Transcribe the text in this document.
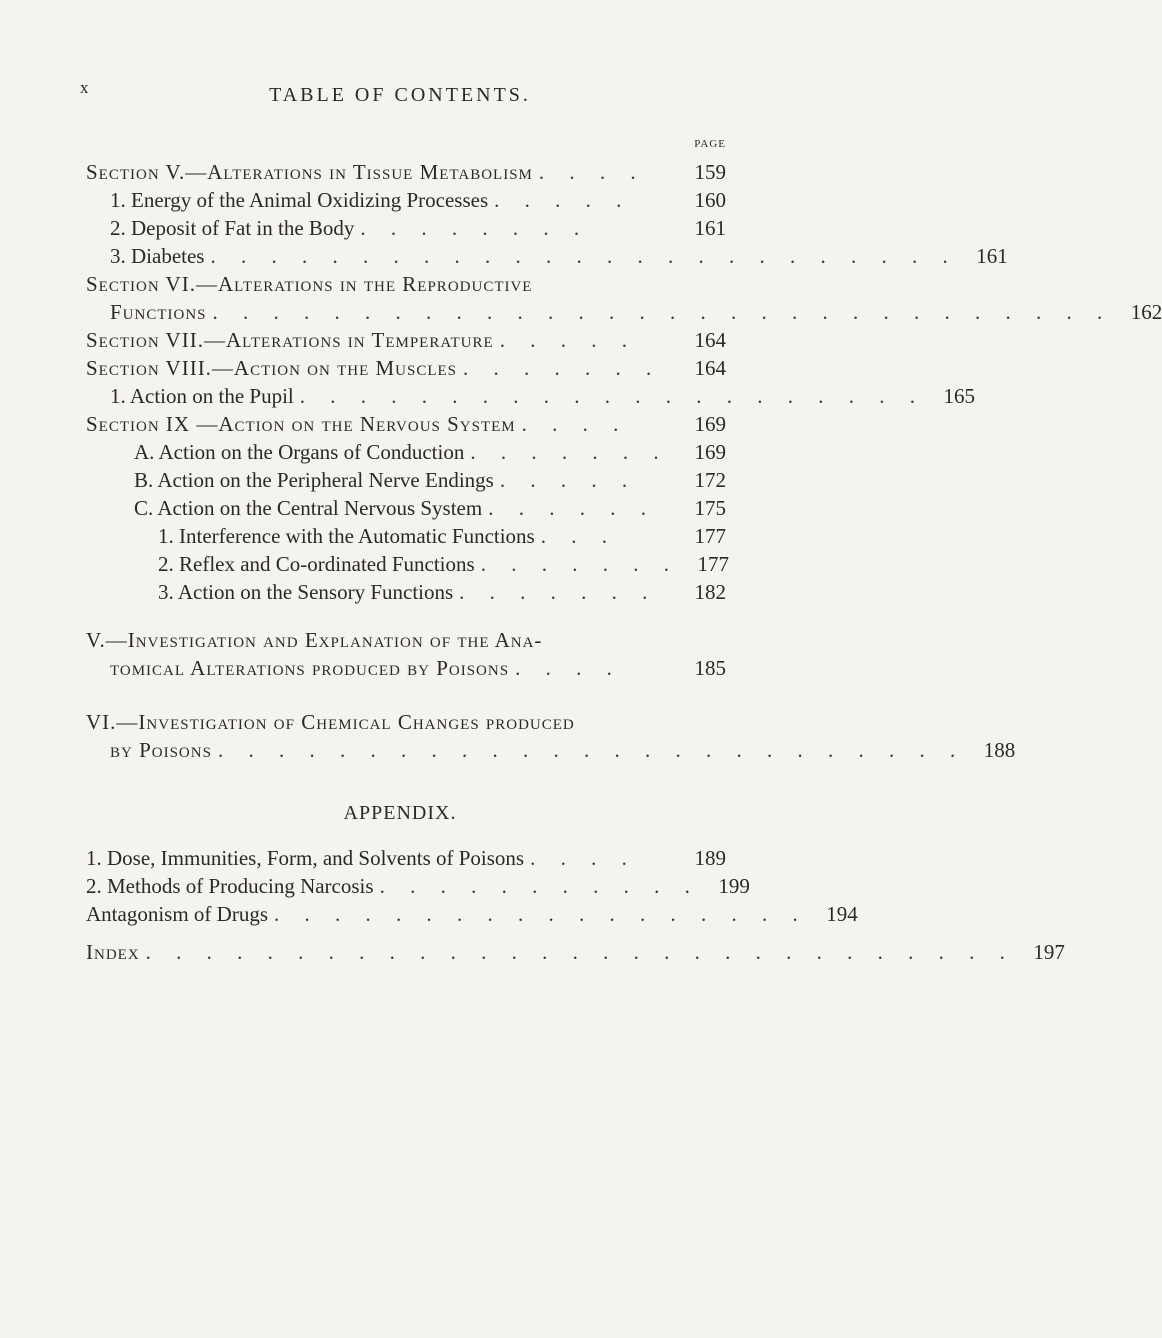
x	TABLE OF CONTENTS.
PAGE
Section V.—Alterations in Tissue Metabolism . . . .	159
1. Energy of the Animal Oxidizing Processes . . . . .	160
2. Deposit of Fat in the Body . . . . . . . .	161
3. Diabetes . . . . . . . . . . . . . . . . . . . . . . . . . 161
Section VI.—Alterations in the Reproductive
Functions . . . . . . . . . . . . . . . . . . . . . . . . . . . . . . 162
Section VII.—Alterations in Temperature . . . . .	164
Section VIII.—Action on the Muscles . . . . . . .	164
1. Action on the Pupil . . . . . . . . . . . . . . . . . . . . . 165
Section IX —Action on the Nervous System . . . .	169
A. Action on the Organs of Conduction . . . . . . .	169
B. Action on the Peripheral Nerve Endings . . . . .	172
C. Action on the Central Nervous System . . . . . .	175
1. Interference with the Automatic Functions . . .	177
2. Reflex and Co-ordinated Functions . . . . . . . 177
3. Action on the Sensory Functions . . . . . . .	182
V.—Investigation and Explanation of the Ana-
tomical Alterations produced by Poisons . . . .	185
VI.—Investigation of Chemical Changes produced
by Poisons . . . . . . . . . . . . . . . . . . . . . . . . . 188
APPENDIX.
1. Dose, Immunities, Form, and Solvents of Poisons . . . .	189
2. Methods of Producing Narcosis . . . . . . . . . . . 199
Antagonism of Drugs . . . . . . . . . . . . . . . . . . 194
Index . . . . . . . . . . . . . . . . . . . . . . . . . . . . . 197
